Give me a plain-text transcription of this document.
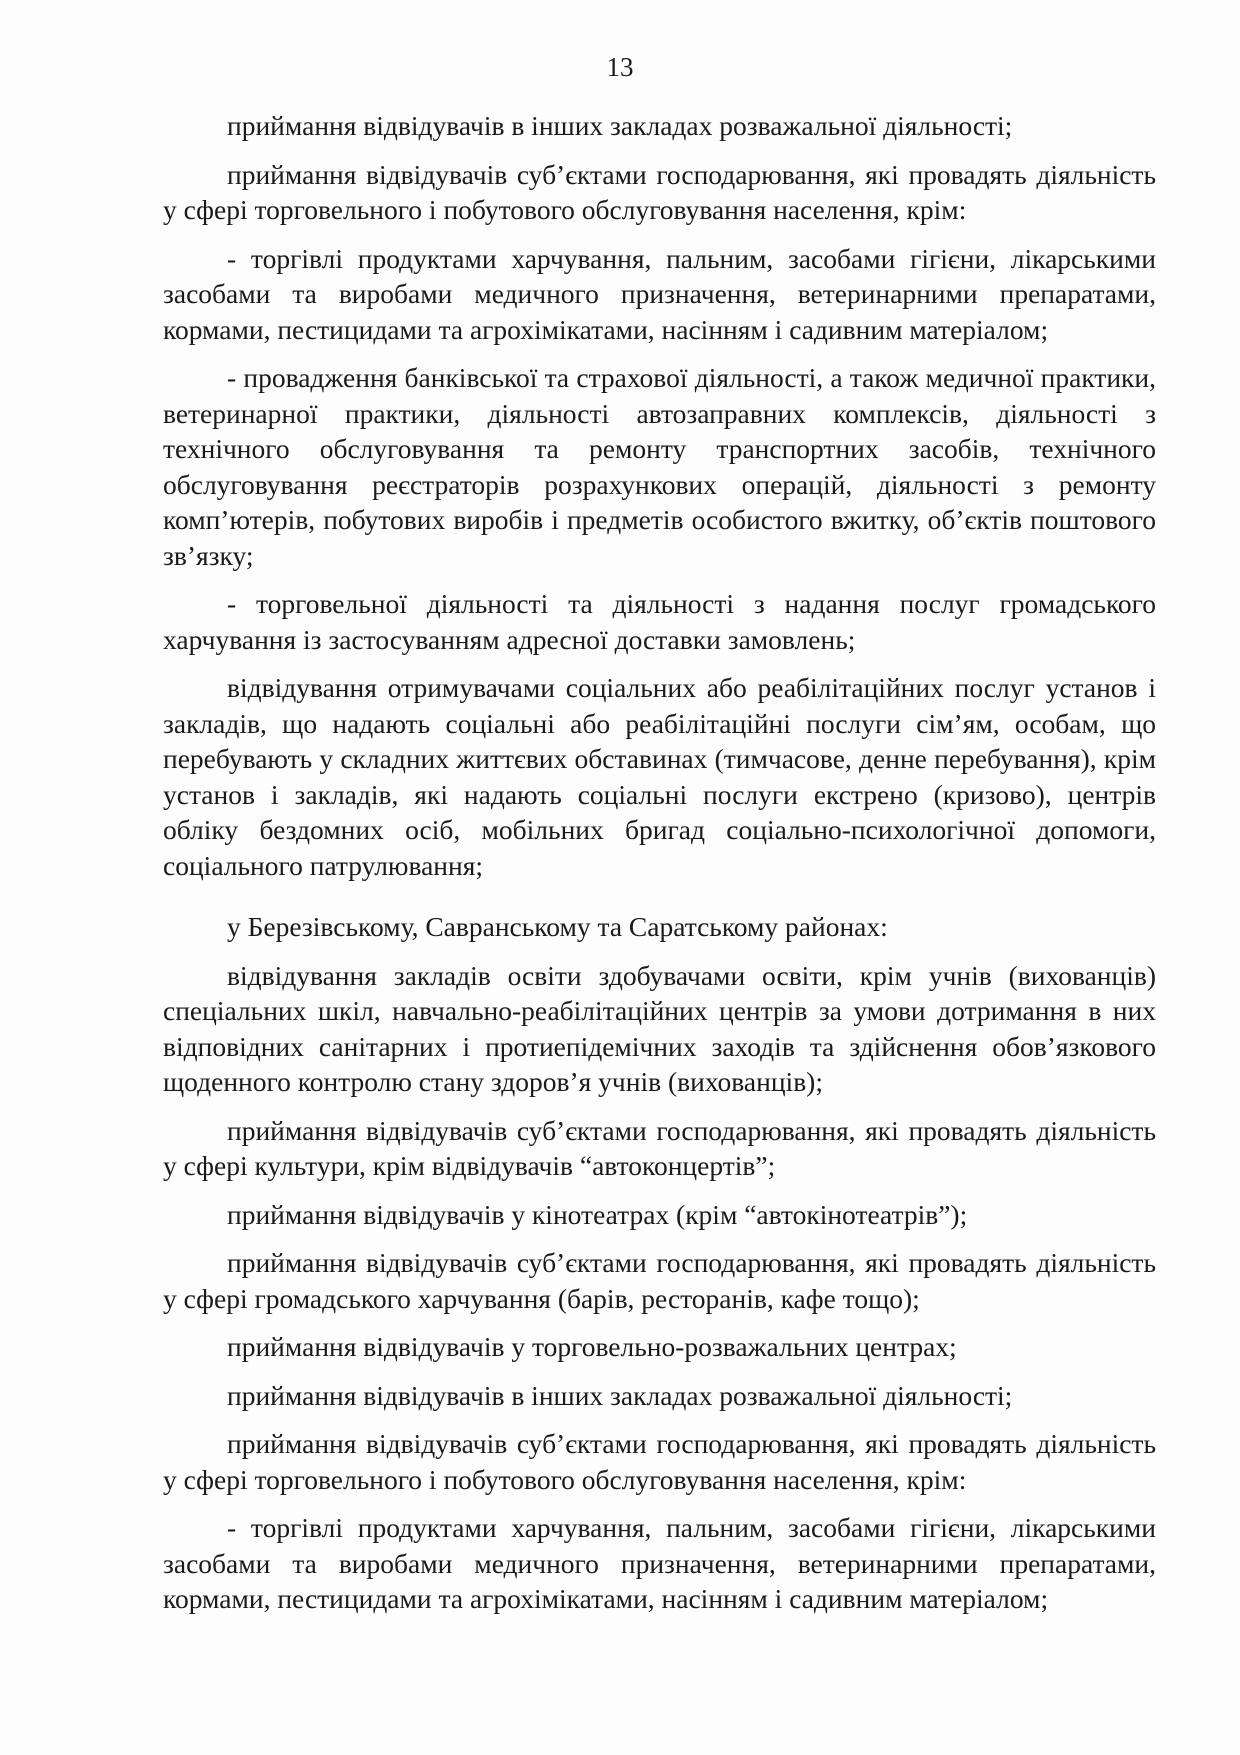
13

приймання відвідувачів в інших закладах розважальної діяльності;

приймання відвідувачів суб’єктами господарювання, які провадять діяльність у сфері торговельного і побутового обслуговування населення, крім:

- торгівлі продуктами харчування, пальним, засобами гігієни, лікарськими засобами та виробами медичного призначення, ветеринарними препаратами, кормами, пестицидами та агрохімікатами, насінням і садивним матеріалом;

- провадження банківської та страхової діяльності, а також медичної практики, ветеринарної практики, діяльності автозаправних комплексів, діяльності з технічного обслуговування та ремонту транспортних засобів, технічного обслуговування реєстраторів розрахункових операцій, діяльності з ремонту комп’ютерів, побутових виробів і предметів особистого вжитку, об’єктів поштового зв’язку;

- торговельної діяльності та діяльності з надання послуг громадського харчування із застосуванням адресної доставки замовлень;

відвідування отримувачами соціальних або реабілітаційних послуг установ і закладів, що надають соціальні або реабілітаційні послуги сім’ям, особам, що перебувають у складних життєвих обставинах (тимчасове, денне перебування), крім установ і закладів, які надають соціальні послуги екстрено (кризово), центрів обліку бездомних осіб, мобільних бригад соціально-психологічної допомоги, соціального патрулювання;

у Березівському, Савранському та Саратському районах:

відвідування закладів освіти здобувачами освіти, крім учнів (вихованців) спеціальних шкіл, навчально-реабілітаційних центрів за умови дотримання в них відповідних санітарних і протиепідемічних заходів та здійснення обов’язкового щоденного контролю стану здоров’я учнів (вихованців);

приймання відвідувачів суб’єктами господарювання, які провадять діяльність у сфері культури, крім відвідувачів “автоконцертів”;

приймання відвідувачів у кінотеатрах (крім “автокінотеатрів”);

приймання відвідувачів суб’єктами господарювання, які провадять діяльність у сфері громадського харчування (барів, ресторанів, кафе тощо);

приймання відвідувачів у торговельно-розважальних центрах;

приймання відвідувачів в інших закладах розважальної діяльності;

приймання відвідувачів суб’єктами господарювання, які провадять діяльність у сфері торговельного і побутового обслуговування населення, крім:

- торгівлі продуктами харчування, пальним, засобами гігієни, лікарськими засобами та виробами медичного призначення, ветеринарними препаратами, кормами, пестицидами та агрохімікатами, насінням і садивним матеріалом;
